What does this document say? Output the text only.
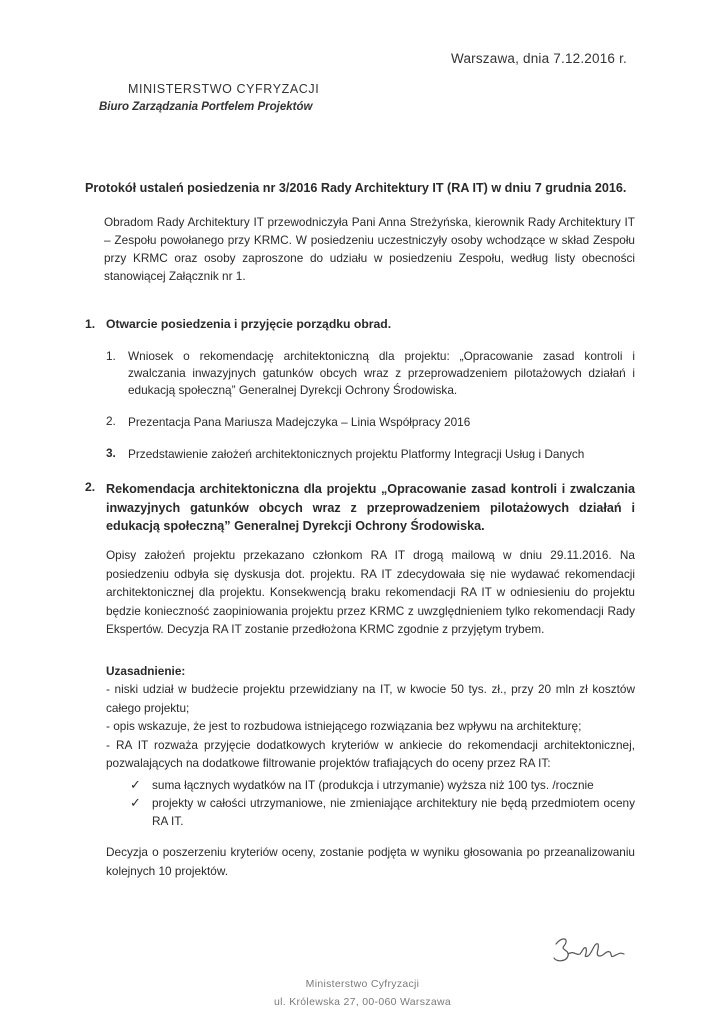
Warszawa, dnia 7.12.2016 r.
MINISTERSTWO CYFRYZACJI
Biuro Zarządzania Portfelem Projektów
Protokół ustaleń posiedzenia nr 3/2016 Rady Architektury IT (RA IT) w dniu 7 grudnia 2016.

Obradom Rady Architektury IT przewodniczyła Pani Anna Streżyńska, kierownik Rady Architektury IT – Zespołu powołanego przy KRMC. W posiedzeniu uczestniczyły osoby wchodzące w skład Zespołu przy KRMC oraz osoby zaproszone do udziału w posiedzeniu Zespołu, według listy obecności stanowiącej Załącznik nr 1.

1. Otwarcie posiedzenia i przyjęcie porządku obrad.
1. Wniosek o rekomendację architektoniczną dla projektu: „Opracowanie zasad kontroli i zwalczania inwazyjnych gatunków obcych wraz z przeprowadzeniem pilotażowych działań i edukacją społeczną” Generalnej Dyrekcji Ochrony Środowiska.

2. Prezentacja Pana Mariusza Madejczyka – Linia Współpracy 2016
3. Przedstawienie założeń architektonicznych projektu Platformy Integracji Usług i Danych
2. Rekomendacja architektoniczna dla projektu „Opracowanie zasad kontroli i zwalczania inwazyjnych gatunków obcych wraz z przeprowadzeniem pilotażowych działań i edukacją społeczną” Generalnej Dyrekcji Ochrony Środowiska.

Opisy założeń projektu przekazano członkom RA IT drogą mailową w dniu 29.11.2016. Na posiedzeniu odbyła się dyskusja dot. projektu. RA IT zdecydowała się nie wydawać rekomendacji architektonicznej dla projektu. Konsekwencją braku rekomendacji RA IT w odniesieniu do projektu będzie konieczność zaopiniowania projektu przez KRMC z uwzględnieniem tylko rekomendacji Rady Ekspertów. Decyzja RA IT zostanie przedłożona KRMC zgodnie z przyjętym trybem.

Uzasadnienie:
- niski udział w budżecie projektu przewidziany na IT, w kwocie 50 tys. zł., przy 20 mln zł kosztów całego projektu;
- opis wskazuje, że jest to rozbudowa istniejącego rozwiązania bez wpływu na architekturę;
- RA IT rozważa przyjęcie dodatkowych kryteriów w ankiecie do rekomendacji architektonicznej, pozwalających na dodatkowe filtrowanie projektów trafiających do oceny przez RA IT:
✓ suma łącznych wydatków na IT (produkcja i utrzymanie) wyższa niż 100 tys. /rocznie
✓ projekty w całości utrzymaniowe, nie zmieniające architektury nie będą przedmiotem oceny RA IT.

Decyzja o poszerzeniu kryteriów oceny, zostanie podjęta w wyniku głosowania po przeanalizowaniu kolejnych 10 projektów.

Ministerstwo Cyfryzacji
ul. Królewska 27, 00-060 Warszawa
